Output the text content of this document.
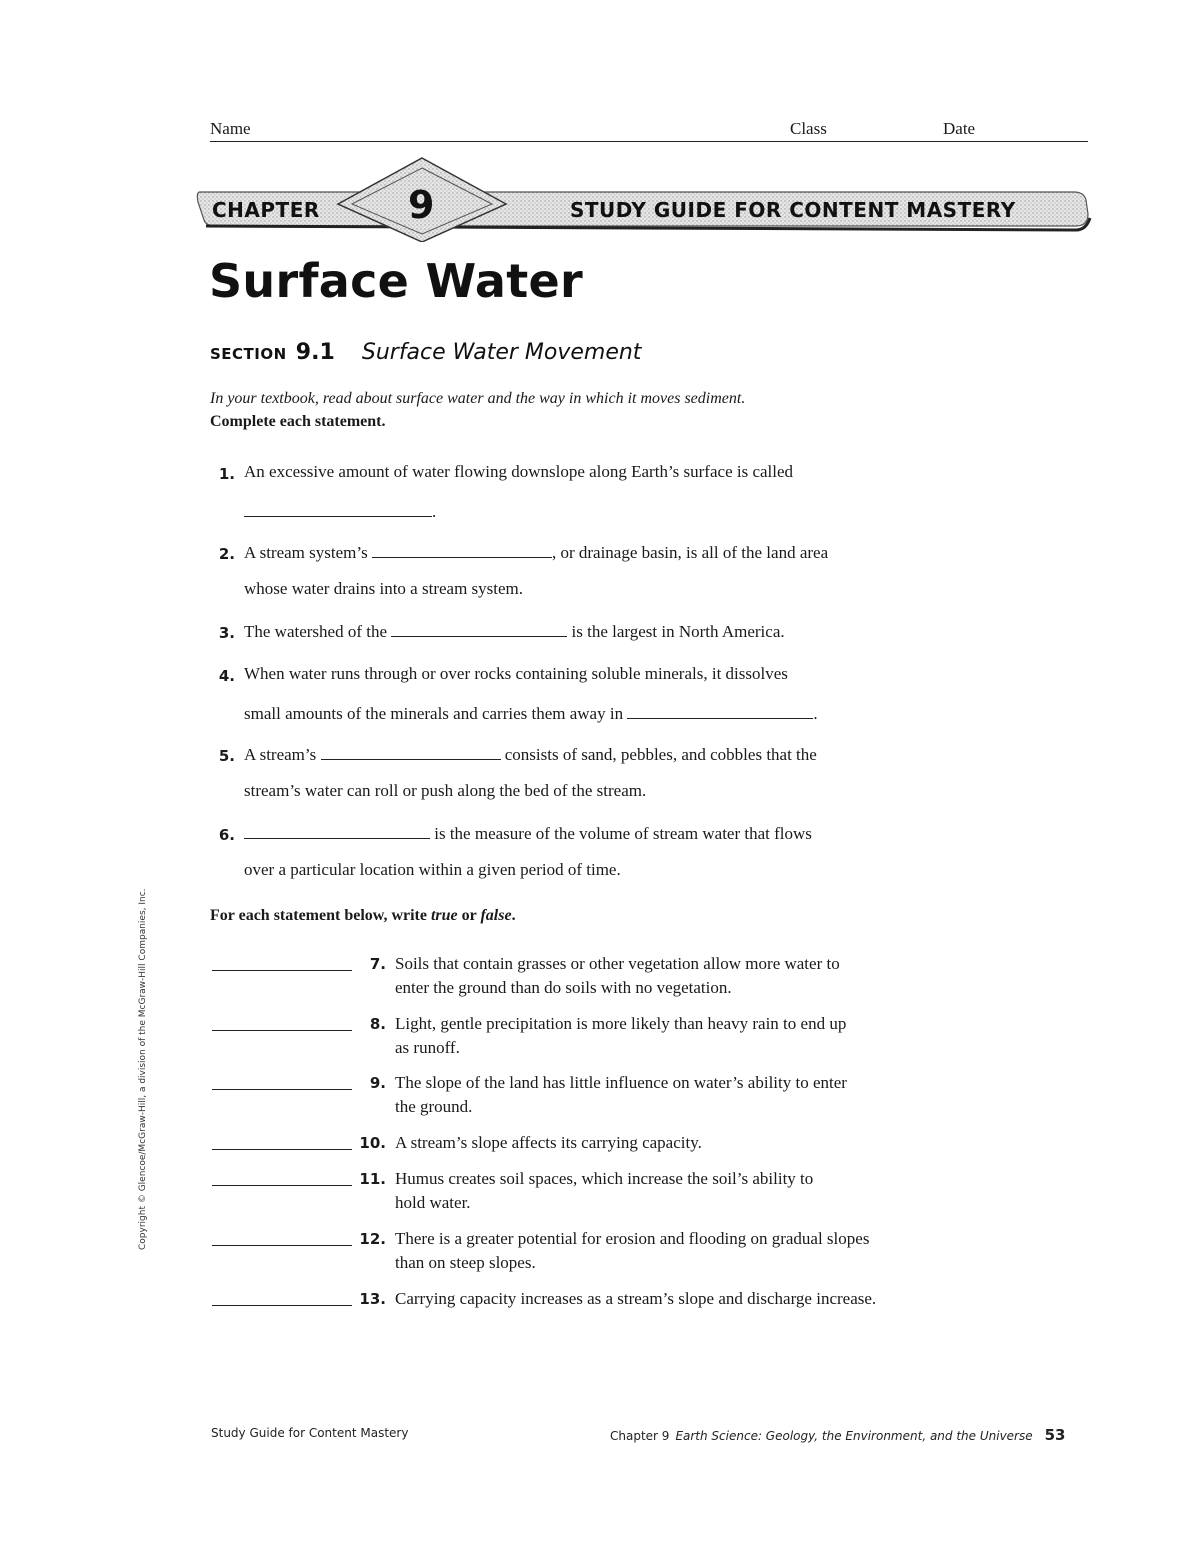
Name	Class	Date
CHAPTER 9	STUDY GUIDE FOR CONTENT MASTERY
Surface Water
SECTION 9.1 Surface Water Movement
In your textbook, read about surface water and the way in which it moves sediment.
Complete each statement.
1. An excessive amount of water flowing downslope along Earth’s surface is called
.
2. A stream system’s	, or drainage basin, is all of the land area
whose water drains into a stream system.
3. The watershed of the	is the largest in North America.
4. When water runs through or over rocks containing soluble minerals, it dissolves
small amounts of the minerals and carries them away in	.
5. A stream’s	consists of sand, pebbles, and cobbles that the
stream’s water can roll or push along the bed of the stream.
6.	is the measure of the volume of stream water that flows
over a particular location within a given period of time.
For each statement below, write true or false.
7. Soils that contain grasses or other vegetation allow more water to
enter the ground than do soils with no vegetation.
8. Light, gentle precipitation is more likely than heavy rain to end up
as runoff.
9. The slope of the land has little influence on water’s ability to enter
the ground.
10. A stream’s slope affects its carrying capacity.
11. Humus creates soil spaces, which increase the soil’s ability to
hold water.
12. There is a greater potential for erosion and flooding on gradual slopes
than on steep slopes.
13. Carrying capacity increases as a stream’s slope and discharge increase.
Copyright © Glencoe/McGraw-Hill, a division of the McGraw-Hill Companies, Inc.
Study Guide for Content Mastery	Chapter 9 Earth Science: Geology, the Environment, and the Universe 53
